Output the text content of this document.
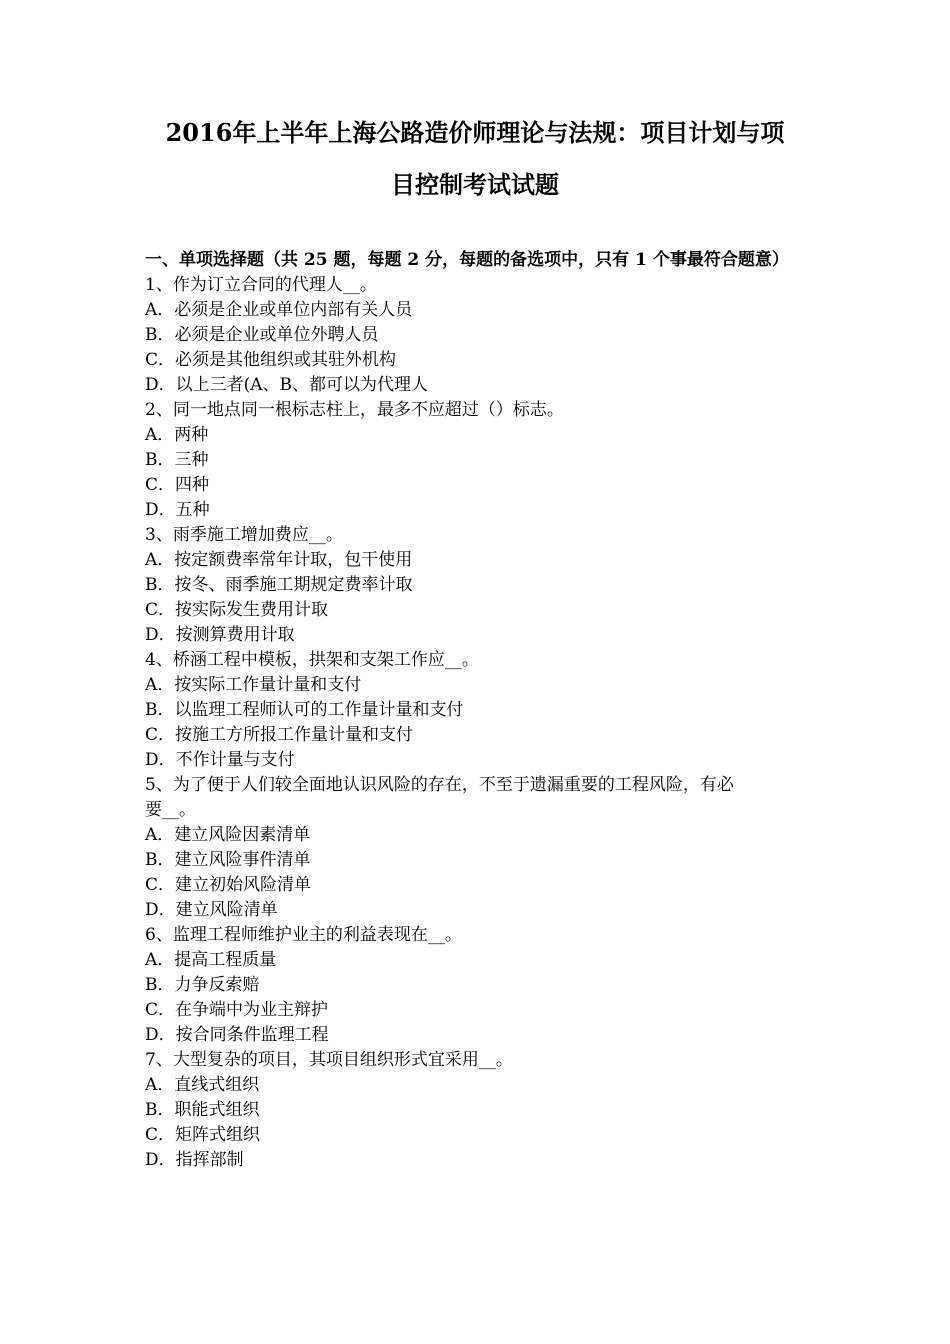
2016年上半年上海公路造价师理论与法规：项目计划与项
目控制考试试题

一、单项选择题（共 25 题，每题 2 分，每题的备选项中，只有 1 个事最符合题意）

1、作为订立合同的代理人__。

A．必须是企业或单位内部有关人员

B．必须是企业或单位外聘人员

C．必须是其他组织或其驻外机构

D．以上三者(A、B、都可以为代理人

2、同一地点同一根标志柱上，最多不应超过（）标志。

A．两种

B．三种

C．四种

D．五种

3、雨季施工增加费应__。

A．按定额费率常年计取，包干使用

B．按冬、雨季施工期规定费率计取

C．按实际发生费用计取

D．按测算费用计取

4、桥涵工程中模板，拱架和支架工作应__。

A．按实际工作量计量和支付

B．以监理工程师认可的工作量计量和支付

C．按施工方所报工作量计量和支付

D．不作计量与支付

5、为了便于人们较全面地认识风险的存在，不至于遗漏重要的工程风险，有必

要__。

A．建立风险因素清单

B．建立风险事件清单

C．建立初始风险清单

D．建立风险清单

6、监理工程师维护业主的利益表现在__。

A．提高工程质量

B．力争反索赔

C．在争端中为业主辩护

D．按合同条件监理工程

7、大型复杂的项目，其项目组织形式宜采用__。

A．直线式组织

B．职能式组织

C．矩阵式组织

D．指挥部制
